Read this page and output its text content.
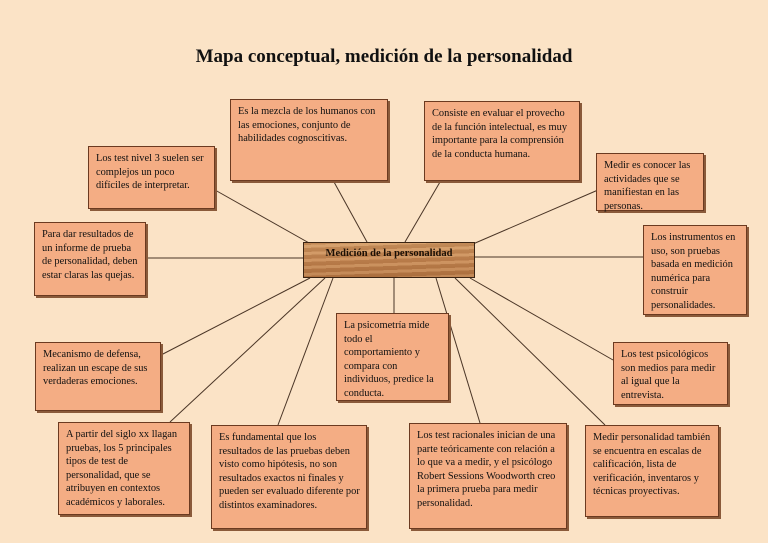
Mapa conceptual, medición de la personalidad
Medición de la personalidad
Es la mezcla de los humanos con las emociones, conjunto de habilidades cognoscitivas.
Consiste en evaluar el provecho de la función intelectual, es muy importante para la comprensión de la conducta humana.
Los test nivel 3 suelen ser complejos un poco difíciles de interpretar.
Medir es conocer las actividades que se manifiestan en las personas.
Para dar resultados de un informe de prueba de personalidad, deben estar claras las quejas.
Los instrumentos en uso, son pruebas basada en medición numérica para construir personalidades.
La psicometría mide todo el comportamiento y compara con individuos, predice la conducta.
Mecanismo de defensa, realizan un escape de sus verdaderas emociones.
Los test psicológicos son medios para medir al igual que la entrevista.
A partir del siglo xx llagan pruebas, los 5 principales tipos de test de personalidad, que se atribuyen en contextos académicos y laborales.
Es fundamental que los resultados de las pruebas deben visto como hipótesis, no son resultados exactos ni finales y pueden ser evaluado diferente por distintos examinadores.
Los test racionales inician de una parte teóricamente con relación a lo que va a medir, y el psicólogo Robert Sessions Woodworth creo la primera prueba para medir personalidad.
Medir personalidad también se encuentra en escalas de calificación, lista de verificación, inventaros y técnicas proyectivas.
